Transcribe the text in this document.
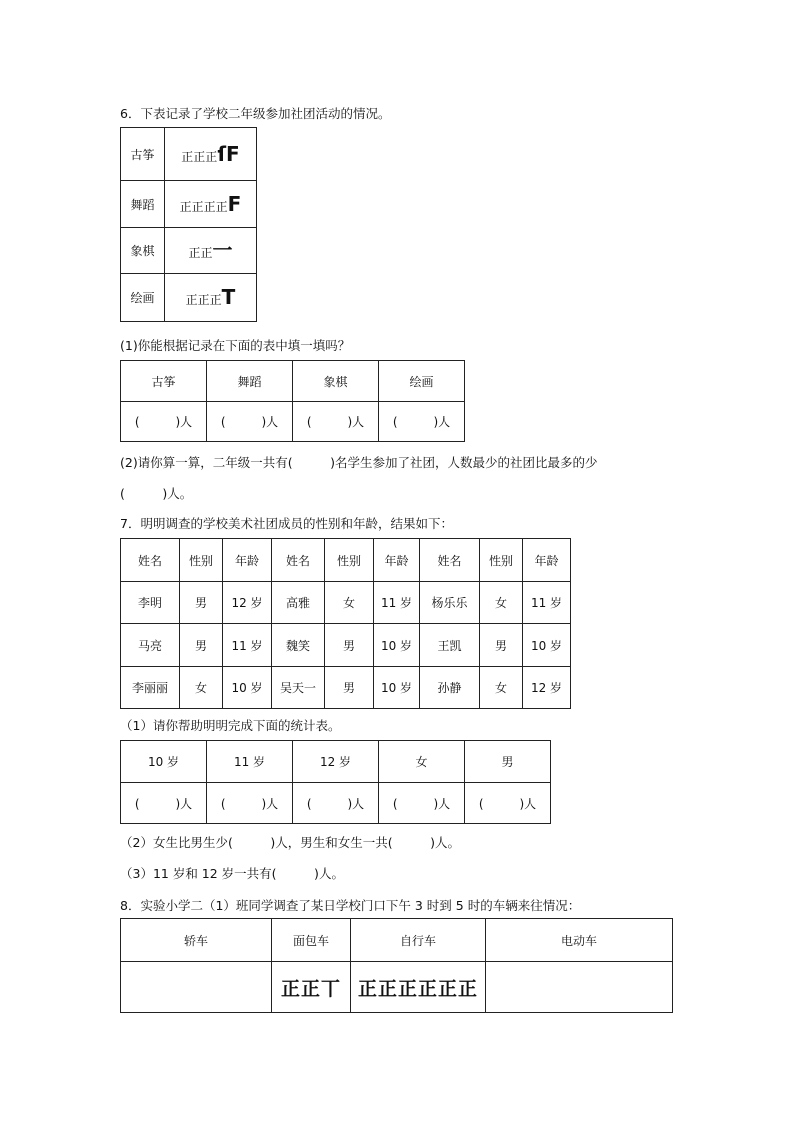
6．下表记录了学校二年级参加社团活动的情况。
古筝	正正正ſF
舞蹈	正正正正F
象棋	正正一
绘画	正正正T
(1)你能根据记录在下面的表中填一填吗？
古筝	舞蹈	象棋	绘画
(　　　)人	(　　　)人	(　　　)人	(　　　)人
(2)请你算一算，二年级一共有(　　　)名学生参加了社团，人数最少的社团比最多的少
(　　　)人。
7．明明调查的学校美术社团成员的性别和年龄，结果如下：
姓名	性别	年龄	姓名	性别	年龄	姓名	性别	年龄
李明	男	12 岁	高雅	女	11 岁	杨乐乐	女	11 岁
马亮	男	11 岁	魏笑	男	10 岁	王凯	男	10 岁
李丽丽	女	10 岁	吴天一	男	10 岁	孙静	女	12 岁
（1）请你帮助明明完成下面的统计表。
10 岁	11 岁	12 岁	女	男
(　　　)人	(　　　)人	(　　　)人	(　　　)人	(　　　)人
（2）女生比男生少(　　　)人，男生和女生一共(　　　)人。
（3）11 岁和 12 岁一共有(　　　)人。
8．实验小学二（1）班同学调查了某日学校门口下午 3 时到 5 时的车辆来往情况：
轿车	面包车	自行车	电动车
	正正丅	正正正正正正	
